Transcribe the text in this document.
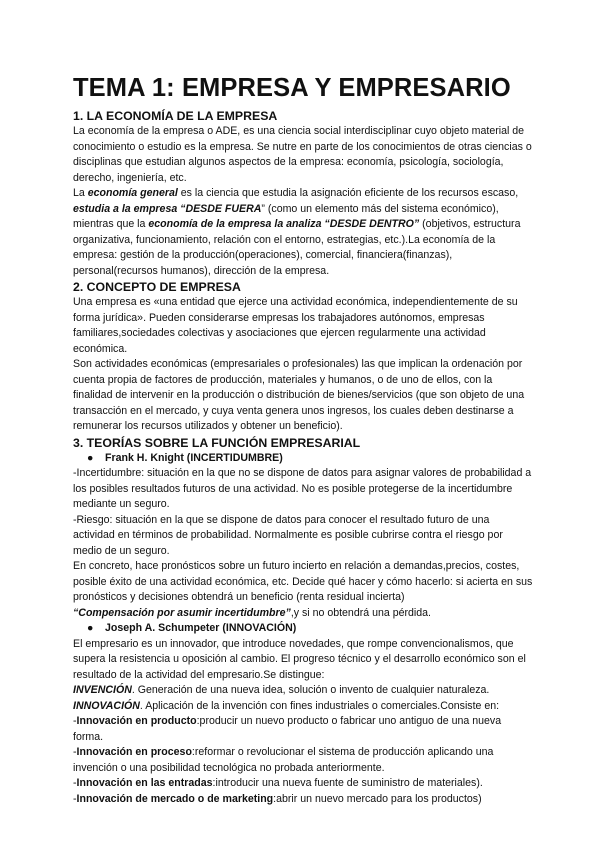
TEMA 1: EMPRESA Y EMPRESARIO
1. LA ECONOMÍA DE LA EMPRESA

La economía de la empresa o ADE, es una ciencia social interdisciplinar cuyo objeto material de conocimiento o estudio es la empresa. Se nutre en parte de los conocimientos de otras ciencias o disciplinas que estudian algunos aspectos de la empresa: economía, psicología, sociología, derecho, ingeniería, etc.

La economía general es la ciencia que estudia la asignación eficiente de los recursos escaso, estudia a la empresa “DESDE FUERA” (como un elemento más del sistema económico), mientras que la economía de la empresa la analiza “DESDE DENTRO” (objetivos, estructura organizativa, funcionamiento, relación con el entorno, estrategias, etc.).La economía de la empresa: gestión de la producción(operaciones), comercial, financiera(finanzas), personal(recursos humanos), dirección de la empresa.

2. CONCEPTO DE EMPRESA

Una empresa es «una entidad que ejerce una actividad económica, independientemente de su forma jurídica». Pueden considerarse empresas los trabajadores autónomos, empresas familiares,sociedades colectivas y asociaciones que ejercen regularmente una actividad económica.

Son actividades económicas (empresariales o profesionales) las que implican la ordenación por cuenta propia de factores de producción, materiales y humanos, o de uno de ellos, con la finalidad de intervenir en la producción o distribución de bienes/servicios (que son objeto de una transacción en el mercado, y cuya venta genera unos ingresos, los cuales deben destinarse a remunerar los recursos utilizados y obtener un beneficio).

3. TEORÍAS SOBRE LA FUNCIÓN EMPRESARIAL
● Frank H. Knight (INCERTIDUMBRE)

-Incertidumbre: situación en la que no se dispone de datos para asignar valores de probabilidad a los posibles resultados futuros de una actividad. No es posible protegerse de la incertidumbre mediante un seguro.

-Riesgo: situación en la que se dispone de datos para conocer el resultado futuro de una actividad en términos de probabilidad. Normalmente es posible cubrirse contra el riesgo por medio de un seguro.

En concreto, hace pronósticos sobre un futuro incierto en relación a demandas,precios, costes, posible éxito de una actividad económica, etc. Decide qué hacer y cómo hacerlo: si acierta en sus pronósticos y decisiones obtendrá un beneficio (renta residual incierta)

“Compensación por asumir incertidumbre”,y si no obtendrá una pérdida.

● Joseph A. Schumpeter (INNOVACIÓN)

El empresario es un innovador, que introduce novedades, que rompe convencionalismos, que supera la resistencia u oposición al cambio. El progreso técnico y el desarrollo económico son el resultado de la actividad del empresario.Se distingue:

INVENCIÓN. Generación de una nueva idea, solución o invento de cualquier naturaleza.

INNOVACIÓN. Aplicación de la invención con fines industriales o comerciales.Consiste en:

-Innovación en producto:producir un nuevo producto o fabricar uno antiguo de una nueva forma.

-Innovación en proceso:reformar o revolucionar el sistema de producción aplicando una invención o una posibilidad tecnológica no probada anteriormente.

-Innovación en las entradas:introducir una nueva fuente de suministro de materiales).

-Innovación de mercado o de marketing:abrir un nuevo mercado para los productos)
